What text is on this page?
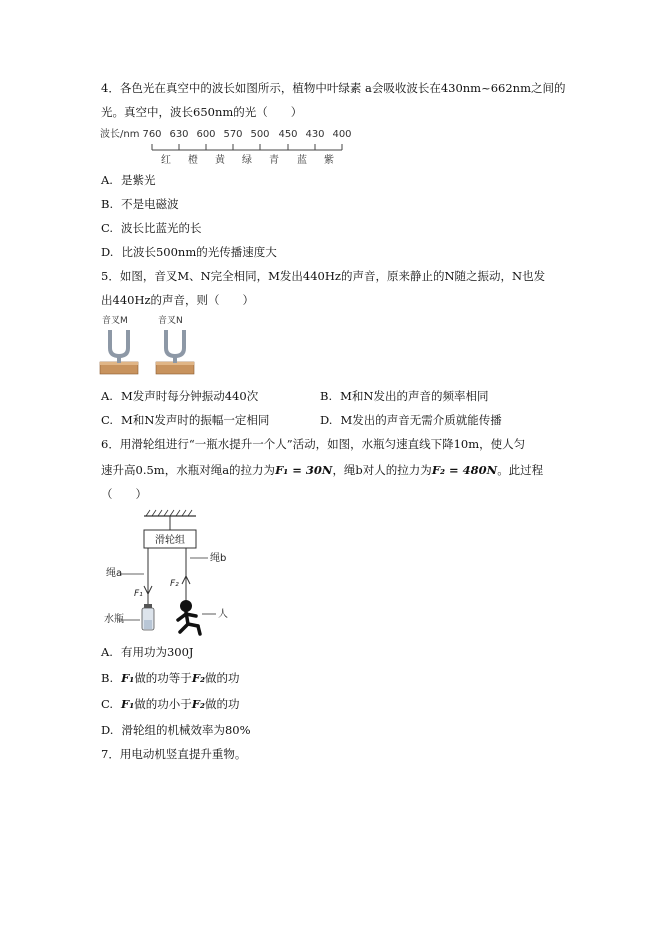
4．各色光在真空中的波长如图所示，植物中叶绿素 a会吸收波长在430nm~662nm之间的
光。真空中，波长650nm的光（　　）
波长/nm 760 630 600 570 500 450 430 400
红 橙 黄 绿 青 蓝 紫
A. 是紫光
B. 不是电磁波
C. 波长比蓝光的长
D. 比波长500nm的光传播速度大
5．如图，音叉M、N完全相同，M发出440Hz的声音，原来静止的N随之振动，N也发
出440Hz的声音，则（　　）
音叉M	音叉N
A. M发声时每分钟振动440次	B. M和N发出的声音的频率相同
C. M和N发声时的振幅一定相同	D. M发出的声音无需介质就能传播
6．用滑轮组进行“一瓶水提升一个人”活动，如图，水瓶匀速直线下降10m，使人匀
速升高0.5m，水瓶对绳a的拉力为F₁ = 30N，绳b对人的拉力为F₂ = 480N。此过程
（　　）
滑轮组
绳a
F₁
水瓶
绳b
F₂
人
A. 有用功为300J
B. F₁做的功等于F₂做的功
C. F₁做的功小于F₂做的功
D. 滑轮组的机械效率为80%
7．用电动机竖直提升重物。
